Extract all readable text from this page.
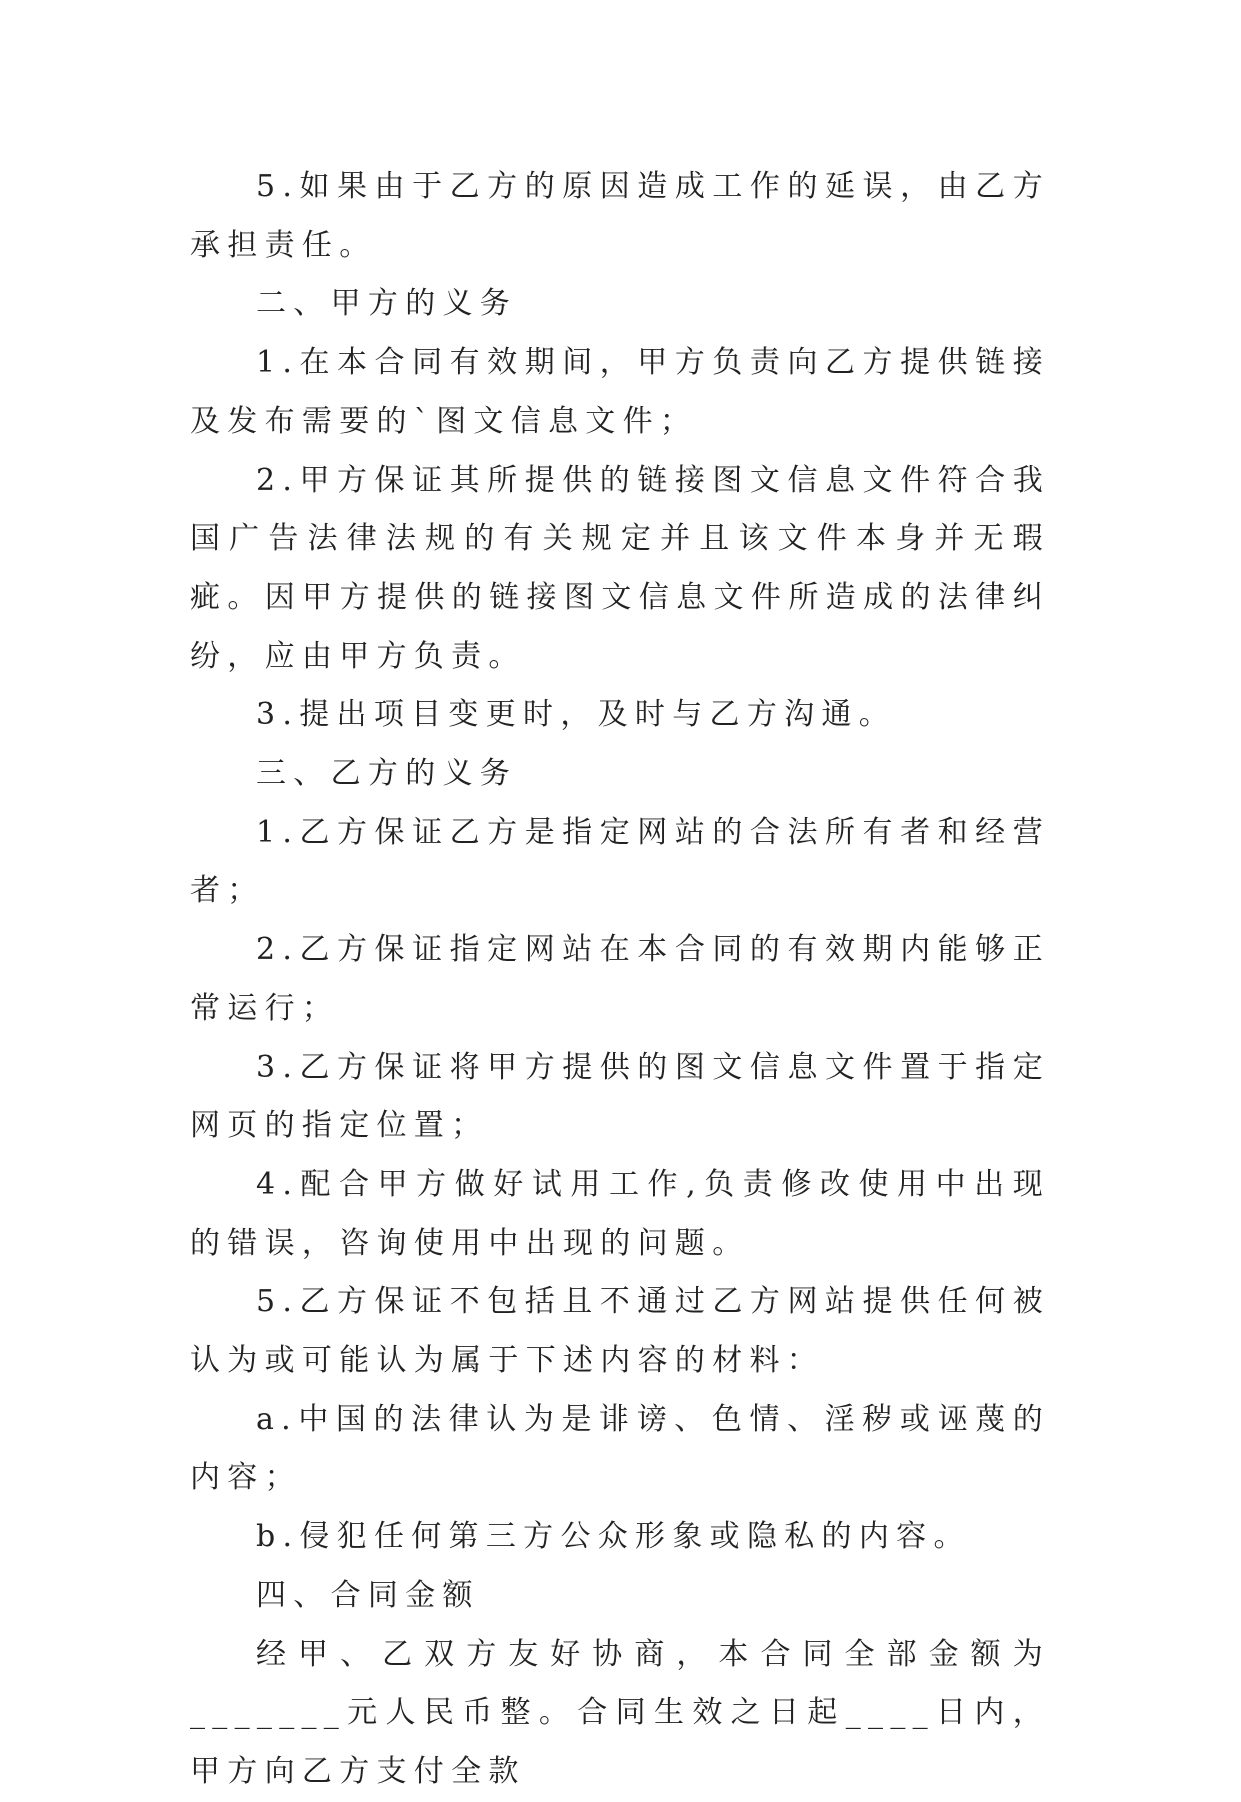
5.如果由于乙方的原因造成工作的延误，由乙方承担责任。

二、甲方的义务

1.在本合同有效期间，甲方负责向乙方提供链接及发布需要的`图文信息文件；

2.甲方保证其所提供的链接图文信息文件符合我国广告法律法规的有关规定并且该文件本身并无瑕疵。因甲方提供的链接图文信息文件所造成的法律纠纷，应由甲方负责。

3.提出项目变更时，及时与乙方沟通。

三、乙方的义务

1.乙方保证乙方是指定网站的合法所有者和经营者；

2.乙方保证指定网站在本合同的有效期内能够正常运行；

3.乙方保证将甲方提供的图文信息文件置于指定网页的指定位置；

4.配合甲方做好试用工作,负责修改使用中出现的错误，咨询使用中出现的问题。

5.乙方保证不包括且不通过乙方网站提供任何被认为或可能认为属于下述内容的材料：

a.中国的法律认为是诽谤、色情、淫秽或诬蔑的内容；

b.侵犯任何第三方公众形象或隐私的内容。

四、合同金额

经甲、乙双方友好协商，本合同全部金额为_______元人民币整。合同生效之日起____日内，甲方向乙方支付全款
